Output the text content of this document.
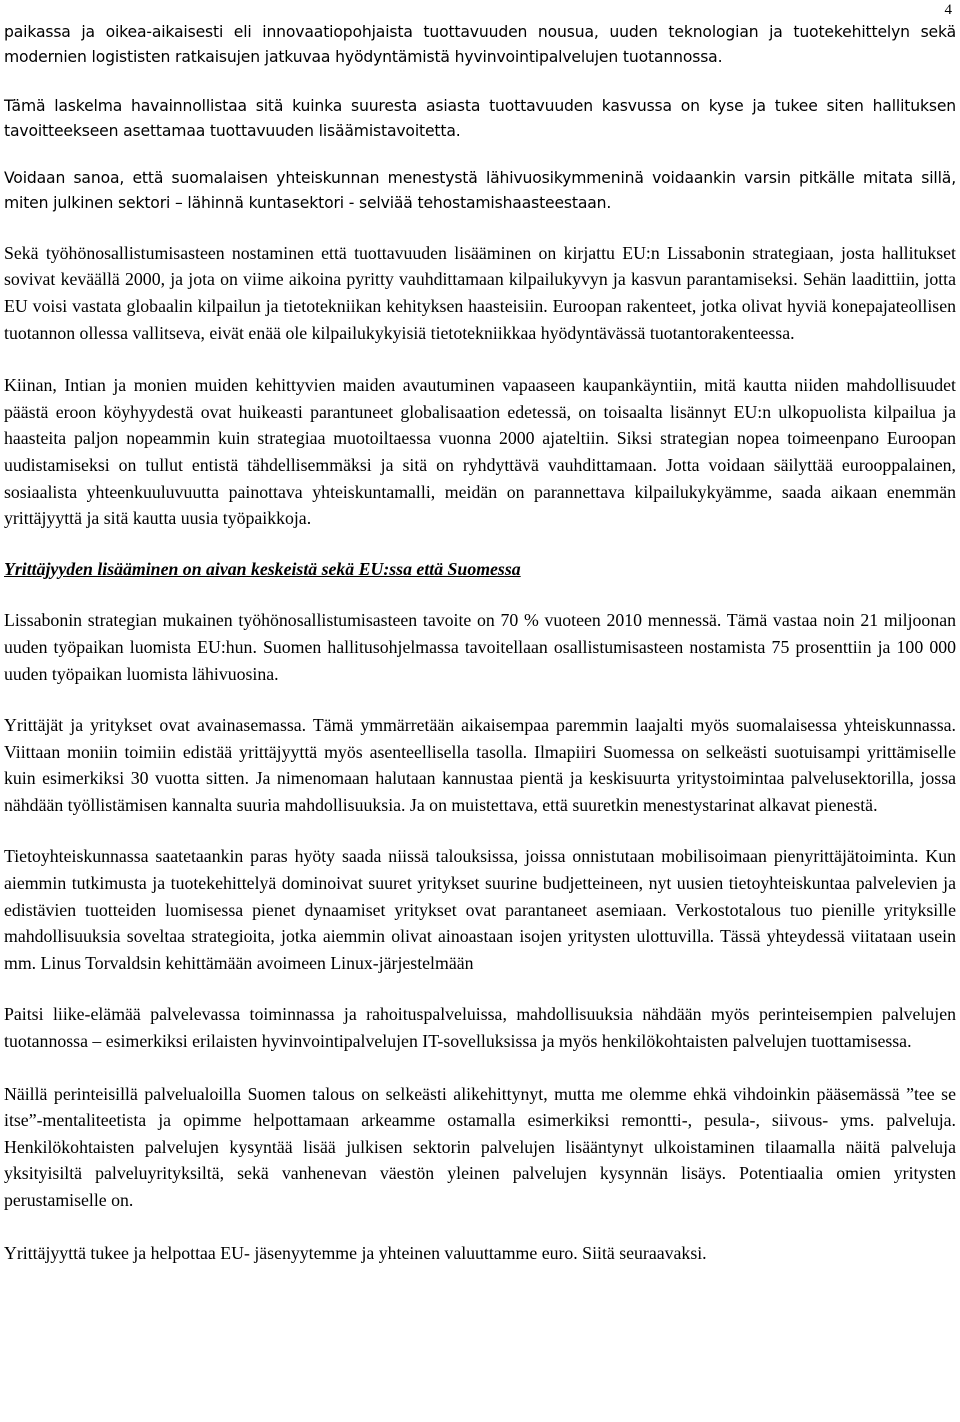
4

paikassa ja oikea-aikaisesti eli innovaatiopohjaista tuottavuuden nousua, uuden teknologian ja tuotekehittelyn sekä modernien logististen ratkaisujen jatkuvaa hyödyntämistä hyvinvointipalvelujen tuotannossa.

Tämä laskelma havainnollistaa sitä kuinka suuresta asiasta tuottavuuden kasvussa on kyse ja tukee siten hallituksen tavoitteekseen asettamaa tuottavuuden lisäämistavoitetta.

Voidaan sanoa, että suomalaisen yhteiskunnan menestystä lähivuosikymmeninä voidaankin varsin pitkälle mitata sillä, miten julkinen sektori – lähinnä kuntasektori - selviää tehostamishaasteestaan.

Sekä työhönosallistumisasteen nostaminen että tuottavuuden lisääminen on kirjattu EU:n Lissabonin strategiaan, josta hallitukset sovivat keväällä 2000, ja jota on viime aikoina pyritty vauhdittamaan kilpailukyvyn ja kasvun parantamiseksi. Sehän laadittiin, jotta EU voisi vastata globaalin kilpailun ja tietotekniikan kehityksen haasteisiin. Euroopan rakenteet, jotka olivat hyviä konepajateollisen tuotannon ollessa vallitseva, eivät enää ole kilpailukykyisiä tietotekniikkaa hyödyntävässä tuotantorakenteessa.

Kiinan, Intian ja monien muiden kehittyvien maiden avautuminen vapaaseen kaupankäyntiin, mitä kautta niiden mahdollisuudet päästä eroon köyhyydestä ovat huikeasti parantuneet globalisaation edetessä, on toisaalta lisännyt EU:n ulkopuolista kilpailua ja haasteita paljon nopeammin kuin strategiaa muotoiltaessa vuonna 2000 ajateltiin. Siksi strategian nopea toimeenpano Euroopan uudistamiseksi on tullut entistä tähdellisemmäksi ja sitä on ryhdyttävä vauhdittamaan. Jotta voidaan säilyttää eurooppalainen, sosiaalista yhteenkuuluvuutta painottava yhteiskuntamalli, meidän on parannettava kilpailukykyämme, saada aikaan enemmän yrittäjyyttä ja sitä kautta uusia työpaikkoja.

Yrittäjyyden lisääminen on aivan keskeistä sekä EU:ssa että Suomessa

Lissabonin strategian mukainen työhönosallistumisasteen tavoite on 70 % vuoteen 2010 mennessä. Tämä vastaa noin 21 miljoonan uuden työpaikan luomista EU:hun. Suomen hallitusohjelmassa tavoitellaan osallistumisasteen nostamista 75 prosenttiin ja 100 000 uuden työpaikan luomista lähivuosina.

Yrittäjät ja yritykset ovat avainasemassa. Tämä ymmärretään aikaisempaa paremmin laajalti myös suomalaisessa yhteiskunnassa. Viittaan moniin toimiin edistää yrittäjyyttä myös asenteellisella tasolla. Ilmapiiri Suomessa on selkeästi suotuisampi yrittämiselle kuin esimerkiksi 30 vuotta sitten. Ja nimenomaan halutaan kannustaa pientä ja keskisuurta yritystoimintaa palvelusektorilla, jossa nähdään työllistämisen kannalta suuria mahdollisuuksia. Ja on muistettava, että suuretkin menestystarinat alkavat pienestä.

Tietoyhteiskunnassa saatetaankin paras hyöty saada niissä talouksissa, joissa onnistutaan mobilisoimaan pienyrittäjätoiminta. Kun aiemmin tutkimusta ja tuotekehittelyä dominoivat suuret yritykset suurine budjetteineen, nyt uusien tietoyhteiskuntaa palvelevien ja edistävien tuotteiden luomisessa pienet dynaamiset yritykset ovat parantaneet asemiaan. Verkostotalous tuo pienille yrityksille mahdollisuuksia soveltaa strategioita, jotka aiemmin olivat ainoastaan isojen yritysten ulottuvilla. Tässä yhteydessä viitataan usein mm. Linus Torvaldsin kehittämään avoimeen Linux-järjestelmään

Paitsi liike-elämää palvelevassa toiminnassa ja rahoituspalveluissa, mahdollisuuksia nähdään myös perinteisempien palvelujen tuotannossa – esimerkiksi erilaisten hyvinvointipalvelujen IT-sovelluksissa ja myös henkilökohtaisten palvelujen tuottamisessa.

Näillä perinteisillä palvelualoilla Suomen talous on selkeästi alikehittynyt, mutta me olemme ehkä vihdoinkin pääsemässä ”tee se itse”-mentaliteetista ja opimme helpottamaan arkeamme ostamalla esimerkiksi remontti-, pesula-, siivous- yms. palveluja. Henkilökohtaisten palvelujen kysyntää lisää julkisen sektorin palvelujen lisääntynyt ulkoistaminen tilaamalla näitä palveluja yksityisiltä palveluyrityksiltä, sekä vanhenevan väestön yleinen palvelujen kysynnän lisäys. Potentiaalia omien yritysten perustamiselle on.

Yrittäjyyttä tukee ja helpottaa EU- jäsenyytemme ja yhteinen valuuttamme euro. Siitä seuraavaksi.
